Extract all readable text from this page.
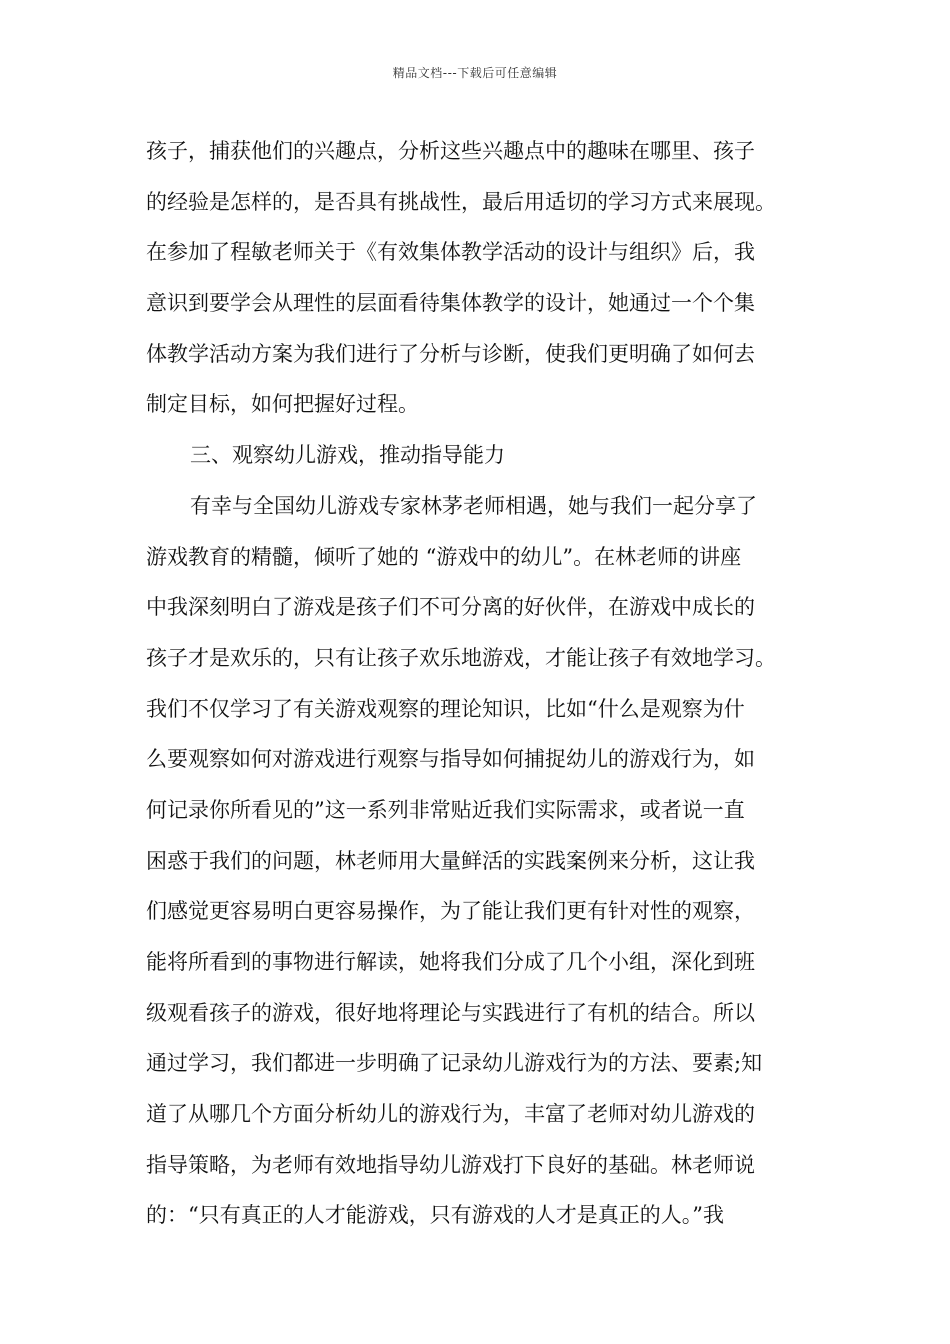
精品文档---下载后可任意编辑
孩子，捕获他们的兴趣点，分析这些兴趣点中的趣味在哪里、孩子
的经验是怎样的，是否具有挑战性，最后用适切的学习方式来展现。
在参加了程敏老师关于《有效集体教学活动的设计与组织》后，我
意识到要学会从理性的层面看待集体教学的设计，她通过一个个集
体教学活动方案为我们进行了分析与诊断，使我们更明确了如何去
制定目标，如何把握好过程。
三、观察幼儿游戏，推动指导能力
有幸与全国幼儿游戏专家林茅老师相遇，她与我们一起分享了
游戏教育的精髓，倾听了她的 “游戏中的幼儿”。在林老师的讲座
中我深刻明白了游戏是孩子们不可分离的好伙伴，在游戏中成长的
孩子才是欢乐的，只有让孩子欢乐地游戏，才能让孩子有效地学习。
我们不仅学习了有关游戏观察的理论知识，比如“什么是观察为什
么要观察如何对游戏进行观察与指导如何捕捉幼儿的游戏行为，如
何记录你所看见的”这一系列非常贴近我们实际需求，或者说一直
困惑于我们的问题，林老师用大量鲜活的实践案例来分析，这让我
们感觉更容易明白更容易操作，为了能让我们更有针对性的观察，
能将所看到的事物进行解读，她将我们分成了几个小组，深化到班
级观看孩子的游戏，很好地将理论与实践进行了有机的结合。所以
通过学习，我们都进一步明确了记录幼儿游戏行为的方法、要素;知
道了从哪几个方面分析幼儿的游戏行为，丰富了老师对幼儿游戏的
指导策略，为老师有效地指导幼儿游戏打下良好的基础。林老师说
的：“只有真正的人才能游戏，只有游戏的人才是真正的人。”我
